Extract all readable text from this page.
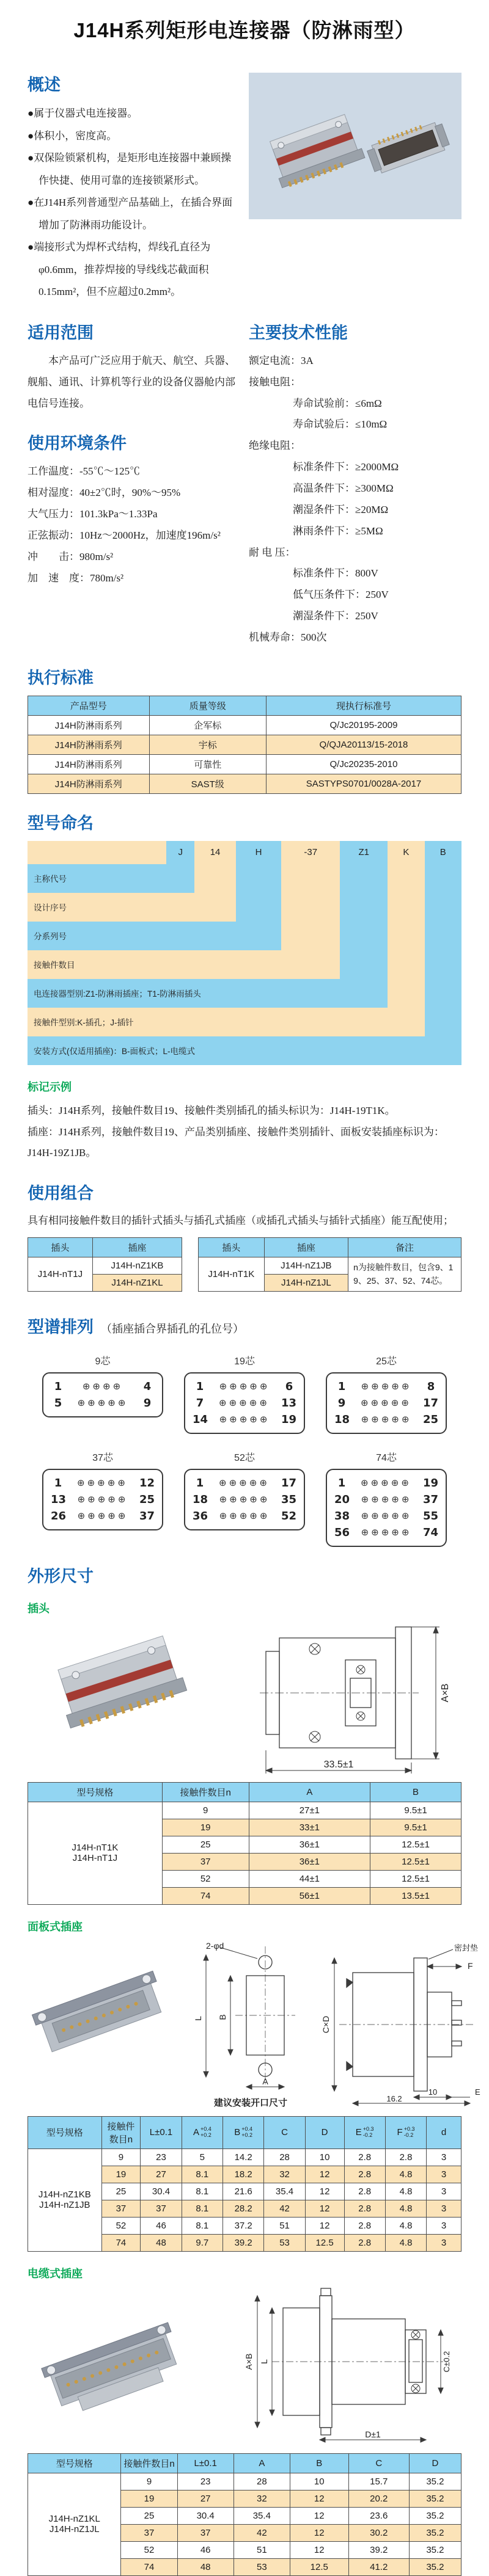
J14H系列矩形电连接器（防淋雨型）
概述
●属于仪器式电连接器。
●体积小，密度高。
●双保险锁紧机构，是矩形电连接器中兼顾操作快捷、使用可靠的连接锁紧形式。
●在J14H系列普通型产品基础上，在插合界面增加了防淋雨功能设计。
●端接形式为焊杯式结构，焊线孔直径为φ0.6mm，推荐焊接的导线线芯截面积0.15mm²，但不应超过0.2mm²。
适用范围

本产品可广泛应用于航天、航空、兵器、舰船、通讯、计算机等行业的设备仪器舱内部电信号连接。

使用环境条件
工作温度：-55℃～125℃
相对湿度：40±2℃时，90%～95%
大气压力：101.3kPa～1.33Pa
正弦振动：10Hz～2000Hz，加速度196m/s²
冲　　击：980m/s²
加　速　度：780m/s²
主要技术性能
额定电流：3A
接触电阻：
寿命试验前：≤6mΩ
寿命试验后：≤10mΩ
绝缘电阻：
标准条件下：≥2000MΩ
高温条件下：≥300MΩ
潮湿条件下：≥20MΩ
淋雨条件下：≥5MΩ
耐 电 压：
标准条件下：800V
低气压条件下：250V
潮湿条件下：250V
机械寿命：500次
执行标准
产品型号	质量等级	现执行标准号
J14H防淋雨系列	企军标	Q/Jc20195-2009
J14H防淋雨系列	宇标	Q/QJA20113/15-2018
J14H防淋雨系列	可靠性	Q/Jc20235-2010
J14H防淋雨系列	SAST级	SASTYPS0701/0028A-2017
型号命名
J	14	H	-37	Z1	K	B
主称代号
设计序号
分系列号
接触件数目
电连接器型别:Z1-防淋雨插座；T1-防淋雨插头
接触件型别:K-插孔；J-插针
安装方式(仅适用插座)：B-面板式；L-电缆式
标记示例
插头：J14H系列，接触件数目19、接触件类别插孔的插头标识为：J14H-19T1K。
插座：J14H系列，接触件数目19、产品类别插座、接触件类别插针、面板安装插座标识为：J14H-19Z1JB。
使用组合

具有相同接触件数目的插针式插头与插孔式插座（或插孔式插头与插针式插座）能互配使用；

插头	插座
J14H-nT1J	J14H-nZ1KB
	J14H-nZ1KL
插头	插座	备注
J14H-nT1K	J14H-nZ1JB	n为接触件数目，包含9、19、25、37、52、74芯。
	J14H-nZ1JL	
型谱排列 （插座插合界插孔的孔位号）
9芯
1	⊕⊕⊕⊕	4
5	⊕⊕⊕⊕⊕	9
19芯
1	⊕⊕⊕⊕⊕	6
7	⊕⊕⊕⊕⊕ 13
14 ⊕⊕⊕⊕⊕ 19
25芯
1	⊕⊕⊕⊕⊕	8
9	⊕⊕⊕⊕⊕ 17
18 ⊕⊕⊕⊕⊕ 25
37芯
1	⊕⊕⊕⊕⊕ 12
13 ⊕⊕⊕⊕⊕ 25
26 ⊕⊕⊕⊕⊕ 37
52芯
1	⊕⊕⊕⊕⊕ 17
18 ⊕⊕⊕⊕⊕ 35
36 ⊕⊕⊕⊕⊕ 52
74芯
1	⊕⊕⊕⊕⊕ 19
20 ⊕⊕⊕⊕⊕ 37
38 ⊕⊕⊕⊕⊕ 55
56 ⊕⊕⊕⊕⊕ 74
外形尺寸
插头
A×B
33.5±1
型号规格	接触件数目n	A	B
J14H-nT1K
J14H-nT1J	9	27±1	9.5±1
	19	33±1	9.5±1
	25	36±1	12.5±1
	37	36±1	12.5±1
	52	44±1	12.5±1
	74	56±1	13.5±1
面板式插座
2-φd
L B
A
建议安装开口尺寸
密封垫
C×D
F
10	E
16.2
型号规格	接触件数目n	L±0.1	A +0.4
+0.2	B +0.4
+0.2	C	D	E +0.3
-0.2	F +0.3
-0.2	d
J14H-nZ1KB
J14H-nZ1JB	9	23	5	14.2	28	10	2.8	2.8	3
	19	27	8.1	18.2	32	12	2.8	4.8	3
	25	30.4	8.1	21.6	35.4	12	2.8	4.8	3
	37	37	8.1	28.2	42	12	2.8	4.8	3
	52	46	8.1	37.2	51	12	2.8	4.8	3
	74	48	9.7	39.2	53	12.5	2.8	4.8	3
电缆式插座
A×B L	C±0.2
D±1
型号规格	接触件数目n	L±0.1	A	B	C	D
J14H-nZ1KL
J14H-nZ1JL	9	23	28	10	15.7	35.2
	19	27	32	12	20.2	35.2
	25	30.4	35.4	12	23.6	35.2
	37	37	42	12	30.2	35.2
	52	46	51	12	39.2	35.2
	74	48	53	12.5	41.2	35.2
